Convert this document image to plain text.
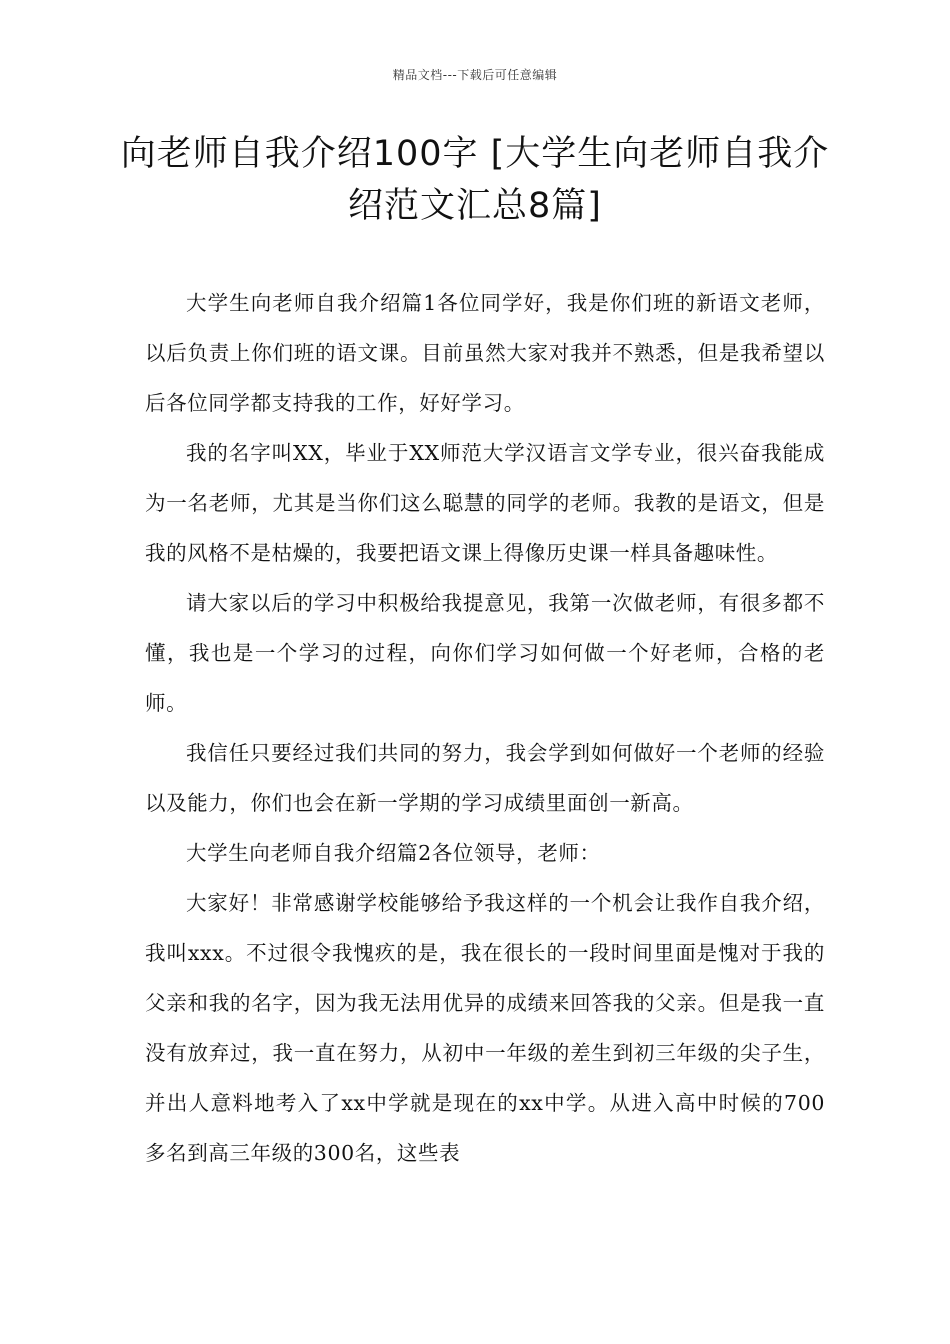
精品文档---下载后可任意编辑
向老师自我介绍100字 [大学生向老师自我介绍范文汇总8篇]

大学生向老师自我介绍篇1各位同学好，我是你们班的新语文老师，以后负责上你们班的语文课。目前虽然大家对我并不熟悉，但是我希望以后各位同学都支持我的工作，好好学习。

我的名字叫XX，毕业于XX师范大学汉语言文学专业，很兴奋我能成为一名老师，尤其是当你们这么聪慧的同学的老师。我教的是语文，但是我的风格不是枯燥的，我要把语文课上得像历史课一样具备趣味性。

请大家以后的学习中积极给我提意见，我第一次做老师，有很多都不懂，我也是一个学习的过程，向你们学习如何做一个好老师，合格的老师。

我信任只要经过我们共同的努力，我会学到如何做好一个老师的经验以及能力，你们也会在新一学期的学习成绩里面创一新高。

大学生向老师自我介绍篇2各位领导，老师：

大家好！非常感谢学校能够给予我这样的一个机会让我作自我介绍，我叫xxx。不过很令我愧疚的是，我在很长的一段时间里面是愧对于我的父亲和我的名字，因为我无法用优异的成绩来回答我的父亲。但是我一直没有放弃过，我一直在努力，从初中一年级的差生到初三年级的尖子生，并出人意料地考入了xx中学就是现在的xx中学。从进入高中时候的700多名到高三年级的300名，这些表
